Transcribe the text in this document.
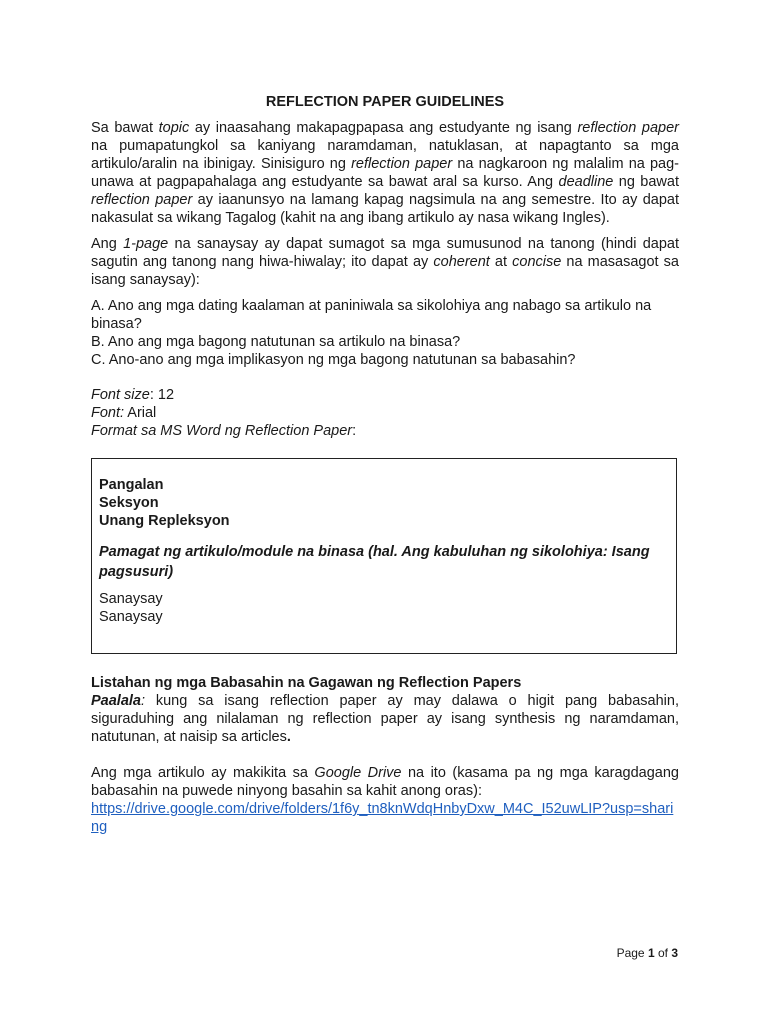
REFLECTION PAPER GUIDELINES

Sa bawat topic ay inaasahang makapagpapasa ang estudyante ng isang reflection paper na pumapatungkol sa kaniyang naramdaman, natuklasan, at napagtanto sa mga artikulo/aralin na ibinigay. Sinisiguro ng reflection paper na nagkaroon ng malalim na pag-unawa at pagpapahalaga ang estudyante sa bawat aral sa kurso. Ang deadline ng bawat reflection paper ay iaanunsyo na lamang kapag nagsimula na ang semestre. Ito ay dapat nakasulat sa wikang Tagalog (kahit na ang ibang artikulo ay nasa wikang Ingles).

Ang 1-page na sanaysay ay dapat sumagot sa mga sumusunod na tanong (hindi dapat sagutin ang tanong nang hiwa-hiwalay; ito dapat ay coherent at concise na masasagot sa isang sanaysay):

A. Ano ang mga dating kaalaman at paniniwala sa sikolohiya ang nabago sa artikulo na binasa?
B. Ano ang mga bagong natutunan sa artikulo na binasa?
C. Ano-ano ang mga implikasyon ng mga bagong natutunan sa babasahin?
Font size: 12
Font: Arial
Format sa MS Word ng Reflection Paper:
Pangalan
Seksyon
Unang Repleksyon
Pamagat ng artikulo/module na binasa (hal. Ang kabuluhan ng sikolohiya: Isang pagsusuri)
Sanaysay
Sanaysay
Listahan ng mga Babasahin na Gagawan ng Reflection Papers

Paalala: kung sa isang reflection paper ay may dalawa o higit pang babasahin, siguraduhing ang nilalaman ng reflection paper ay isang synthesis ng naramdaman, natutunan, at naisip sa articles.

Ang mga artikulo ay makikita sa Google Drive na ito (kasama pa ng mga karagdagang babasahin na puwede ninyong basahin sa kahit anong oras):

https://drive.google.com/drive/folders/1f6y_tn8knWdqHnbyDxw_M4C_I52uwLIP?usp=sharing
Page 1 of 3
